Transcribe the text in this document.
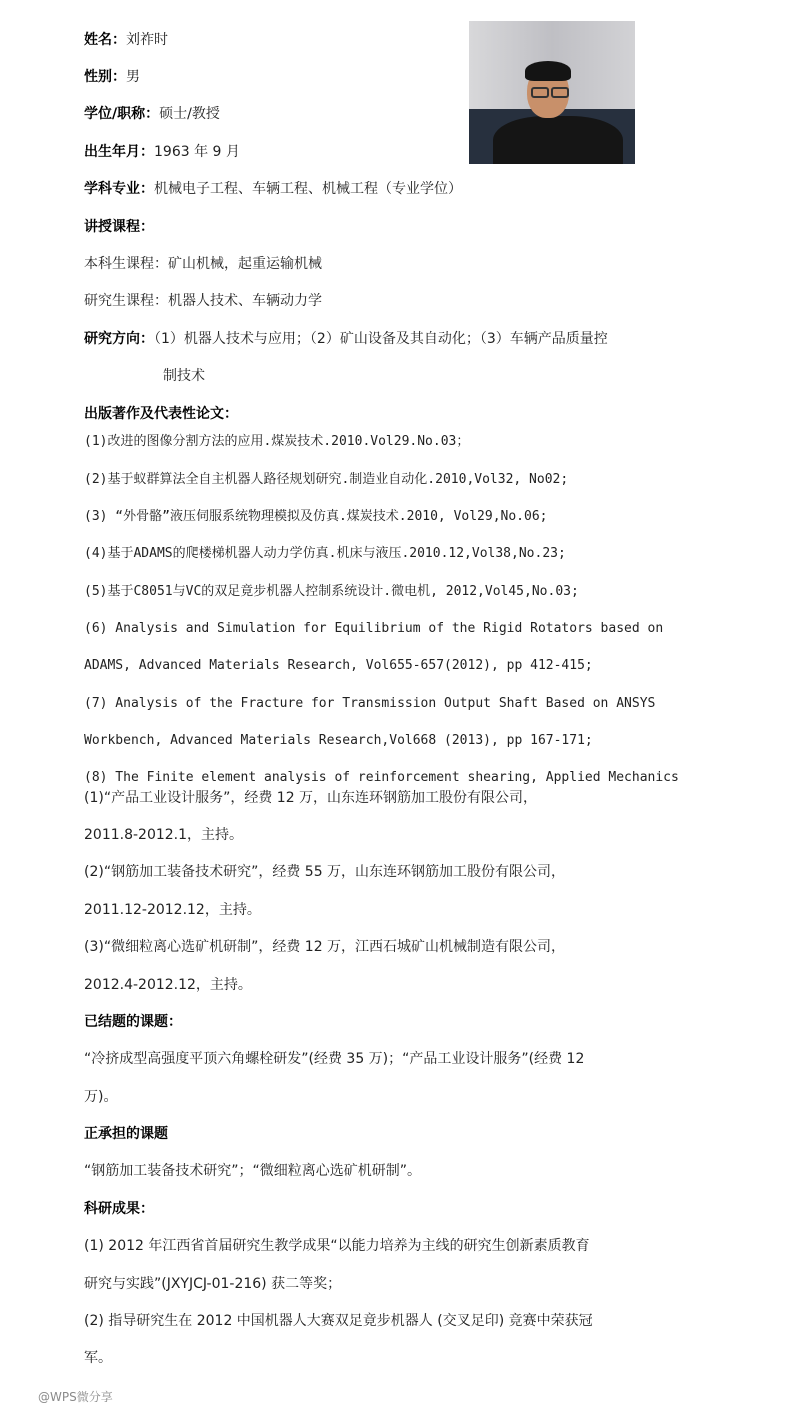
姓名：刘祚时
性别：男
学位/职称：硕士/教授
出生年月：1963 年 9 月
学科专业：机械电子工程、车辆工程、机械工程（专业学位）
讲授课程：
本科生课程：矿山机械，起重运输机械
研究生课程：机器人技术、车辆动力学
研究方向：（1）机器人技术与应用；（2）矿山设备及其自动化；（3）车辆产品质量控
制技术
出版著作及代表性论文：
(1)改进的图像分割方法的应用.煤炭技术.2010.Vol29.No.03；
(2)基于蚁群算法全自主机器人路径规划研究.制造业自动化.2010,Vol32, No02;
(3) “外骨骼”液压伺服系统物理模拟及仿真.煤炭技术.2010, Vol29,No.06;
(4)基于ADAMS的爬楼梯机器人动力学仿真.机床与液压.2010.12,Vol38,No.23;
(5)基于C8051与VC的双足竟步机器人控制系统设计.微电机, 2012,Vol45,No.03;
(6) Analysis and Simulation for Equilibrium of the Rigid Rotators based on
ADAMS, Advanced Materials Research, Vol655-657(2012), pp 412-415;
(7) Analysis of the Fracture for Transmission Output Shaft Based on ANSYS
Workbench, Advanced Materials Research,Vol668 (2013), pp 167-171;
(8) The Finite element analysis of reinforcement shearing, Applied Mechanics
(1)“产品工业设计服务”，经费 12 万，山东连环钢筋加工股份有限公司，
2011.8-2012.1，主持。
(2)“钢筋加工装备技术研究”，经费 55 万，山东连环钢筋加工股份有限公司，
2011.12-2012.12，主持。
(3)“微细粒离心选矿机研制”，经费 12 万，江西石城矿山机械制造有限公司，
2012.4-2012.12，主持。
已结题的课题：
“冷挤成型高强度平顶六角螺栓研发”(经费 35 万)；“产品工业设计服务”(经费 12
万)。
正承担的课题
“钢筋加工装备技术研究”；“微细粒离心选矿机研制”。
科研成果：
(1) 2012 年江西省首届研究生教学成果“以能力培养为主线的研究生创新素质教育
研究与实践”(JXYJCJ-01-216) 获二等奖；
(2) 指导研究生在 2012 中国机器人大赛双足竟步机器人 (交叉足印) 竞赛中荣获冠
军。
@WPS微分享
